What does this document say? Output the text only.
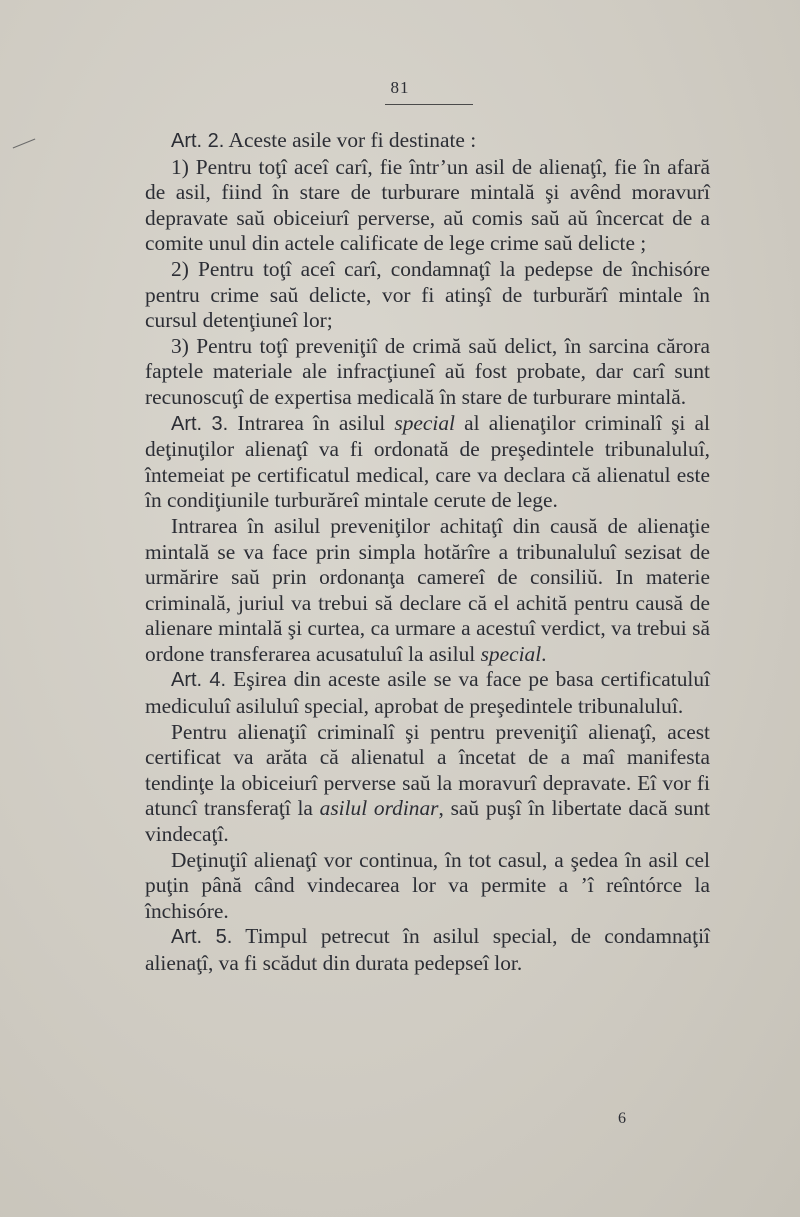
81

Art. 2. Aceste asile vor fi destinate :

1) Pentru toţî aceî carî, fie într’un asil de alienaţî, fie în afară de asil, fiind în stare de turburare mintală şi avênd moravurî depravate saŭ obiceiurî perverse, aŭ comis saŭ aŭ încercat de a comite unul din actele calificate de lege crime saŭ delicte ;

2) Pentru toţî aceî carî, condamnaţî la pedepse de închisóre pentru crime saŭ delicte, vor fi atinşî de turburărî mintale în cursul detenţiuneî lor;

3) Pentru toţî preveniţiî de crimă saŭ delict, în sarcina cărora faptele materiale ale infracţiuneî aŭ fost probate, dar carî sunt recunoscuţî de expertisa medicală în stare de turburare mintală.

Art. 3. Intrarea în asilul special al alienaţilor criminalî şi al deţinuţilor alienaţî va fi ordonată de preşedintele tribunaluluî, întemeiat pe certificatul medical, care va declara că alienatul este în condiţiunile turburăreî mintale cerute de lege.

Intrarea în asilul preveniţilor achitaţî din causă de alienaţie mintală se va face prin simpla hotărîre a tribunaluluî sezisat de urmărire saŭ prin ordonanţa camereî de consiliŭ. In materie criminală, juriul va trebui să declare că el achită pentru causă de alienare mintală şi curtea, ca urmare a acestuî verdict, va trebui să ordone transferarea acusatuluî la asilul special.

Art. 4. Eşirea din aceste asile se va face pe basa certificatuluî mediculuî asiluluî special, aprobat de preşedintele tribunaluluî.

Pentru alienaţiî criminalî şi pentru preveniţiî alienaţî, acest certificat va arăta că alienatul a încetat de a maî manifesta tendinţe la obiceiurî perverse saŭ la moravurî depravate. Eî vor fi atuncî transferaţî la asilul ordinar, saŭ puşî în libertate dacă sunt vindecaţî.

Deţinuţiî alienaţî vor continua, în tot casul, a şedea în asil cel puţin până când vindecarea lor va permite a ’î reîntórce la închisóre.

Art. 5. Timpul petrecut în asilul special, de condamnaţiî alienaţî, va fi scădut din durata pedepseî lor.

6
